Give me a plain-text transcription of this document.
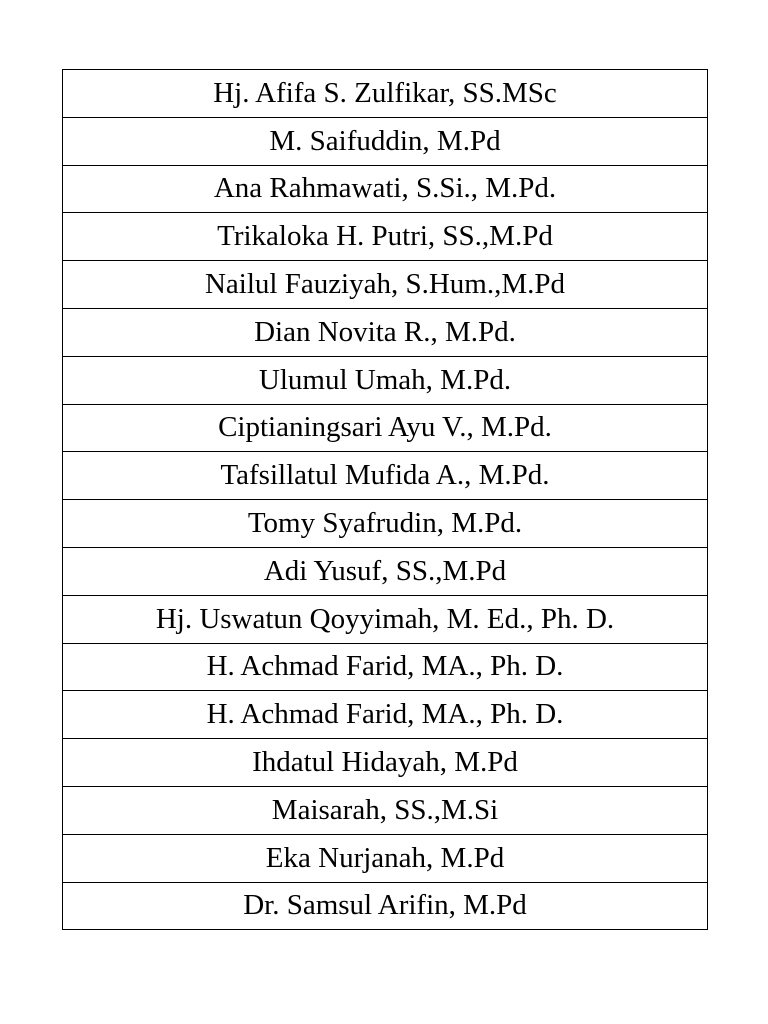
Hj. Afifa S. Zulfikar, SS.MSc
M. Saifuddin, M.Pd
Ana Rahmawati, S.Si., M.Pd.
Trikaloka H. Putri, SS.,M.Pd
Nailul Fauziyah, S.Hum.,M.Pd
Dian Novita R., M.Pd.
Ulumul Umah, M.Pd.
Ciptianingsari Ayu V., M.Pd.
Tafsillatul Mufida A., M.Pd.
Tomy Syafrudin, M.Pd.
Adi Yusuf, SS.,M.Pd
Hj. Uswatun Qoyyimah, M. Ed., Ph. D.
H. Achmad Farid, MA., Ph. D.
H. Achmad Farid, MA., Ph. D.
Ihdatul Hidayah, M.Pd
Maisarah, SS.,M.Si
Eka Nurjanah, M.Pd
Dr. Samsul Arifin, M.Pd
